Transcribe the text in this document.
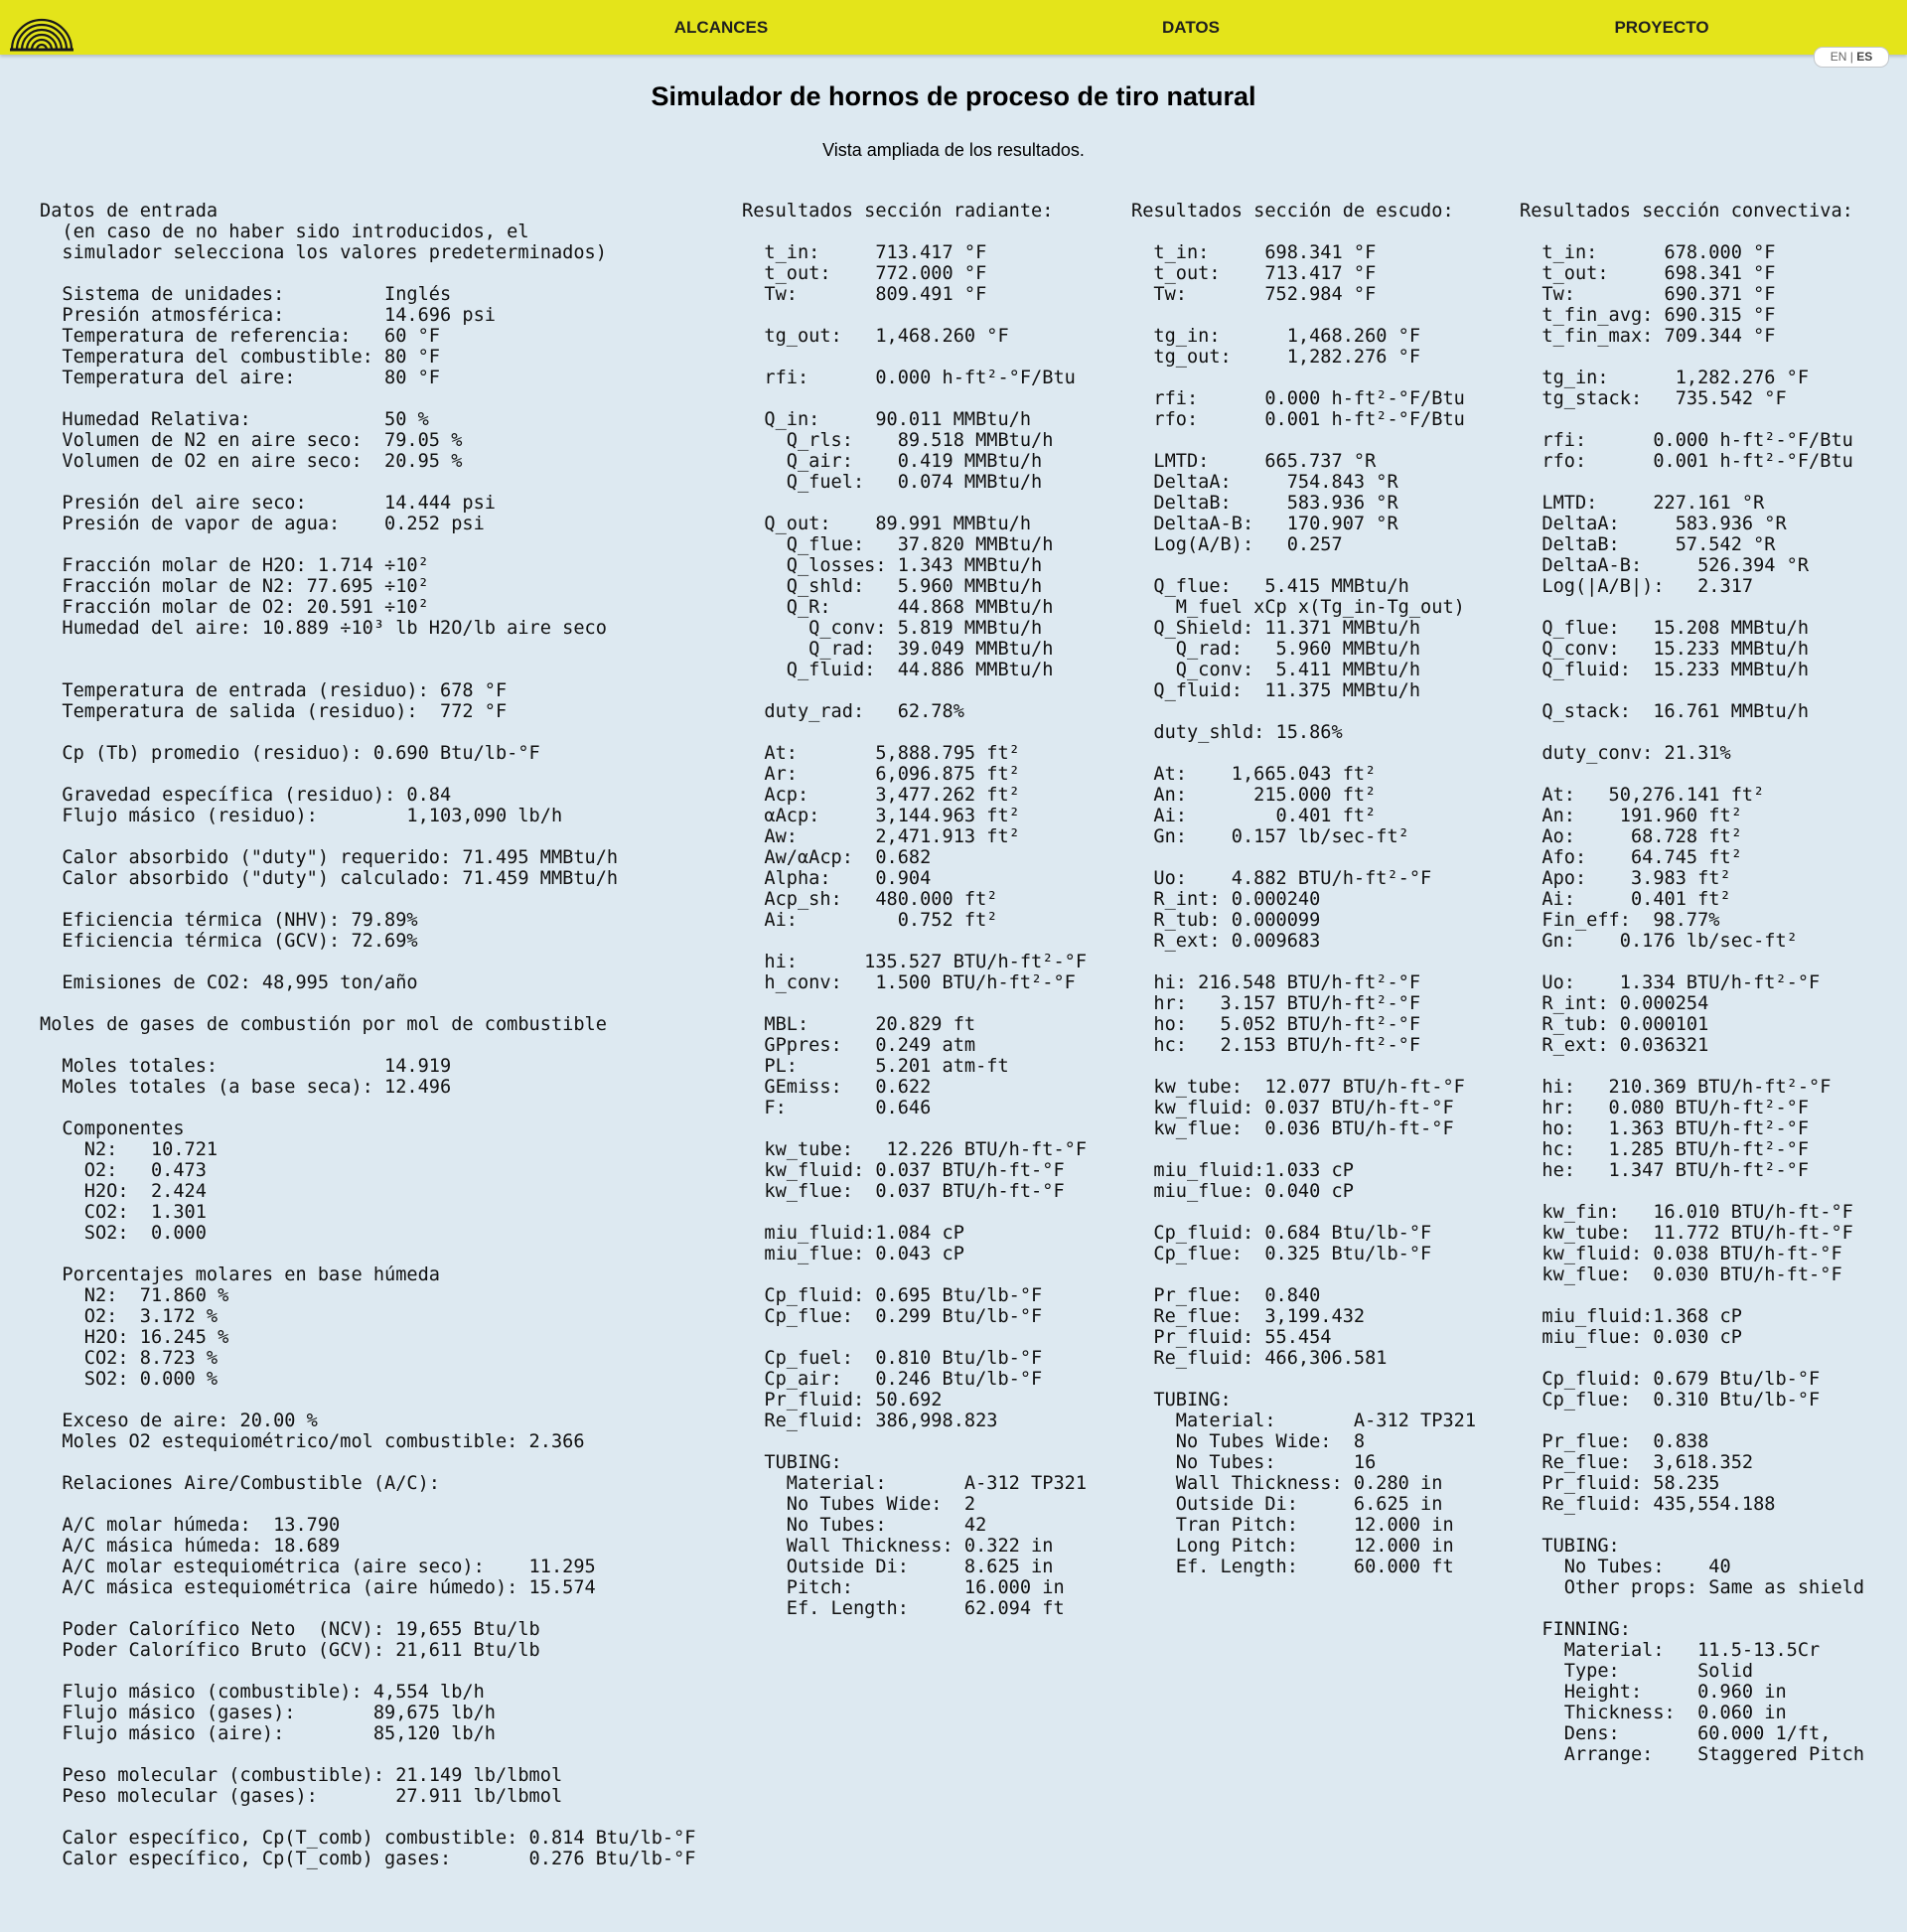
ALCANCES	DATOS	PROYECTO
EN | ES
Simulador de hornos de proceso de tiro natural
Vista ampliada de los resultados.
Datos de entrada
(en caso de no haber sido introducidos, el
simulador selecciona los valores predeterminados)

Sistema de unidades:         Inglés
Presión atmosférica:         14.696 psi
Temperatura de referencia:   60 °F
Temperatura del combustible: 80 °F
Temperatura del aire:        80 °F

Humedad Relativa:            50 %
Volumen de N2 en aire seco:  79.05 %
Volumen de O2 en aire seco:  20.95 %

Presión del aire seco:       14.444 psi
Presión de vapor de agua:    0.252 psi

Fracción molar de H2O: 1.714 ÷10²
Fracción molar de N2: 77.695 ÷10²
Fracción molar de O2: 20.591 ÷10²
Humedad del aire: 10.889 ÷10³ lb H2O/lb aire seco

Temperatura de entrada (residuo): 678 °F
Temperatura de salida (residuo):  772 °F

Cp (Tb) promedio (residuo): 0.690 Btu/lb-°F

Gravedad específica (residuo): 0.84
Flujo másico (residuo):        1,103,090 lb/h

Calor absorbido ("duty") requerido: 71.495 MMBtu/h
Calor absorbido ("duty") calculado: 71.459 MMBtu/h

Eficiencia térmica (NHV): 79.89%
Eficiencia térmica (GCV): 72.69%

Emisiones de CO2: 48,995 ton/año

Moles de gases de combustión por mol de combustible

Moles totales:               14.919
Moles totales (a base seca): 12.496

Componentes
N2:   10.721
O2:   0.473
H2O:  2.424
CO2:  1.301
SO2:  0.000

Porcentajes molares en base húmeda
N2:  71.860 %
O2:  3.172 %
H2O: 16.245 %
CO2: 8.723 %
SO2: 0.000 %

Exceso de aire: 20.00 %
Moles O2 estequiométrico/mol combustible: 2.366

Relaciones Aire/Combustible (A/C):

A/C molar húmeda:  13.790
A/C másica húmeda: 18.689
A/C molar estequiométrica (aire seco):    11.295
A/C másica estequiométrica (aire húmedo): 15.574

Poder Calorífico Neto  (NCV): 19,655 Btu/lb
Poder Calorífico Bruto (GCV): 21,611 Btu/lb

Flujo másico (combustible): 4,554 lb/h
Flujo másico (gases):       89,675 lb/h
Flujo másico (aire):        85,120 lb/h

Peso molecular (combustible): 21.149 lb/lbmol
Peso molecular (gases):       27.911 lb/lbmol

Calor específico, Cp(T_comb) combustible: 0.814 Btu/lb-°F
Calor específico, Cp(T_comb) gases:       0.276 Btu/lb-°F
Resultados sección radiante:

t_in:     713.417 °F
t_out:    772.000 °F
Tw:       809.491 °F

tg_out:   1,468.260 °F

rfi:      0.000 h-ft²-°F/Btu

Q_in:     90.011 MMBtu/h
Q_rls:    89.518 MMBtu/h
Q_air:    0.419 MMBtu/h
Q_fuel:   0.074 MMBtu/h

Q_out:    89.991 MMBtu/h
Q_flue:   37.820 MMBtu/h
Q_losses: 1.343 MMBtu/h
Q_shld:   5.960 MMBtu/h
Q_R:      44.868 MMBtu/h
Q_conv: 5.819 MMBtu/h
Q_rad:  39.049 MMBtu/h
Q_fluid:  44.886 MMBtu/h

duty_rad:   62.78%

At:       5,888.795 ft²
Ar:       6,096.875 ft²
Acp:      3,477.262 ft²
αAcp:     3,144.963 ft²
Aw:       2,471.913 ft²
Aw/αAcp:  0.682
Alpha:    0.904
Acp_sh:   480.000 ft²
Ai:         0.752 ft²

hi:      135.527 BTU/h-ft²-°F
h_conv:   1.500 BTU/h-ft²-°F

MBL:      20.829 ft
GPpres:   0.249 atm
PL:       5.201 atm-ft
GEmiss:   0.622
F:        0.646

kw_tube:   12.226 BTU/h-ft-°F
kw_fluid: 0.037 BTU/h-ft-°F
kw_flue:  0.037 BTU/h-ft-°F

miu_fluid:1.084 cP
miu_flue: 0.043 cP

Cp_fluid: 0.695 Btu/lb-°F
Cp_flue:  0.299 Btu/lb-°F

Cp_fuel:  0.810 Btu/lb-°F
Cp_air:   0.246 Btu/lb-°F
Pr_fluid: 50.692
Re_fluid: 386,998.823

TUBING:
Material:       A-312 TP321
No Tubes Wide:  2
No Tubes:       42
Wall Thickness: 0.322 in
Outside Di:     8.625 in
Pitch:          16.000 in
Ef. Length:     62.094 ft
Resultados sección de escudo:

t_in:     698.341 °F
t_out:    713.417 °F
Tw:       752.984 °F

tg_in:      1,468.260 °F
tg_out:     1,282.276 °F

rfi:      0.000 h-ft²-°F/Btu
rfo:      0.001 h-ft²-°F/Btu

LMTD:     665.737 °R
DeltaA:     754.843 °R
DeltaB:     583.936 °R
DeltaA-B:   170.907 °R
Log(A/B):   0.257

Q_flue:   5.415 MMBtu/h
M_fuel xCp x(Tg_in-Tg_out)
Q_Shield: 11.371 MMBtu/h
Q_rad:   5.960 MMBtu/h
Q_conv:  5.411 MMBtu/h
Q_fluid:  11.375 MMBtu/h

duty_shld: 15.86%

At:    1,665.043 ft²
An:      215.000 ft²
Ai:        0.401 ft²
Gn:    0.157 lb/sec-ft²

Uo:    4.882 BTU/h-ft²-°F
R_int: 0.000240
R_tub: 0.000099
R_ext: 0.009683

hi: 216.548 BTU/h-ft²-°F
hr:   3.157 BTU/h-ft²-°F
ho:   5.052 BTU/h-ft²-°F
hc:   2.153 BTU/h-ft²-°F

kw_tube:  12.077 BTU/h-ft-°F
kw_fluid: 0.037 BTU/h-ft-°F
kw_flue:  0.036 BTU/h-ft-°F

miu_fluid:1.033 cP
miu_flue: 0.040 cP

Cp_fluid: 0.684 Btu/lb-°F
Cp_flue:  0.325 Btu/lb-°F

Pr_flue:  0.840
Re_flue:  3,199.432
Pr_fluid: 55.454
Re_fluid: 466,306.581

TUBING:
Material:       A-312 TP321
No Tubes Wide:  8
No Tubes:       16
Wall Thickness: 0.280 in
Outside Di:     6.625 in
Tran Pitch:     12.000 in
Long Pitch:     12.000 in
Ef. Length:     60.000 ft
Resultados sección convectiva:

t_in:      678.000 °F
t_out:     698.341 °F
Tw:        690.371 °F
t_fin_avg: 690.315 °F
t_fin_max: 709.344 °F

tg_in:      1,282.276 °F
tg_stack:   735.542 °F

rfi:      0.000 h-ft²-°F/Btu
rfo:      0.001 h-ft²-°F/Btu

LMTD:     227.161 °R
DeltaA:     583.936 °R
DeltaB:     57.542 °R
DeltaA-B:     526.394 °R
Log(|A/B|):   2.317

Q_flue:   15.208 MMBtu/h
Q_conv:   15.233 MMBtu/h
Q_fluid:  15.233 MMBtu/h

Q_stack:  16.761 MMBtu/h

duty_conv: 21.31%

At:   50,276.141 ft²
An:    191.960 ft²
Ao:     68.728 ft²
Afo:    64.745 ft²
Apo:    3.983 ft²
Ai:     0.401 ft²
Fin_eff:  98.77%
Gn:    0.176 lb/sec-ft²

Uo:    1.334 BTU/h-ft²-°F
R_int: 0.000254
R_tub: 0.000101
R_ext: 0.036321

hi:   210.369 BTU/h-ft²-°F
hr:   0.080 BTU/h-ft²-°F
ho:   1.363 BTU/h-ft²-°F
hc:   1.285 BTU/h-ft²-°F
he:   1.347 BTU/h-ft²-°F

kw_fin:   16.010 BTU/h-ft-°F
kw_tube:  11.772 BTU/h-ft-°F
kw_fluid: 0.038 BTU/h-ft-°F
kw_flue:  0.030 BTU/h-ft-°F

miu_fluid:1.368 cP
miu_flue: 0.030 cP

Cp_fluid: 0.679 Btu/lb-°F
Cp_flue:  0.310 Btu/lb-°F

Pr_flue:  0.838
Re_flue:  3,618.352
Pr_fluid: 58.235
Re_fluid: 435,554.188

TUBING:
No Tubes:    40
Other props: Same as shield

FINNING:
Material:   11.5-13.5Cr
Type:       Solid
Height:     0.960 in
Thickness:  0.060 in
Dens:       60.000 1/ft,
Arrange:    Staggered Pitch
